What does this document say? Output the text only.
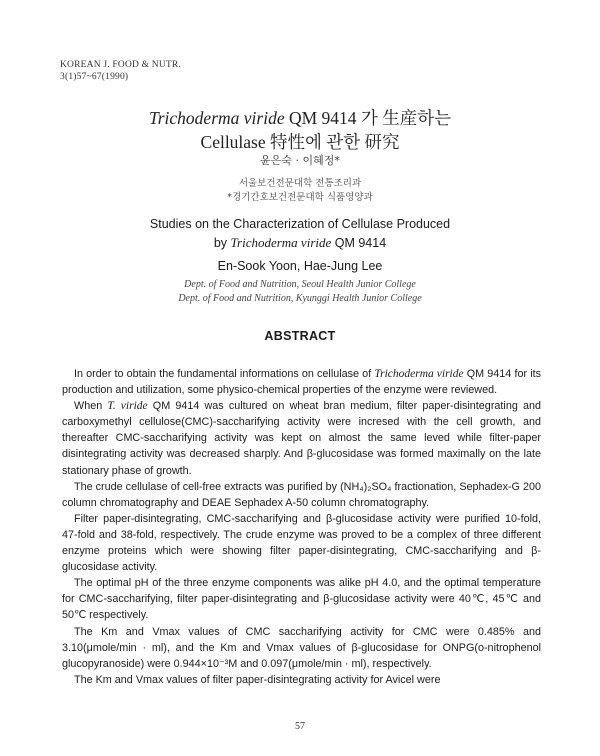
KOREAN J. FOOD & NUTR.
3(1)57~67(1990)
Trichoderma viride QM 9414 가 生産하는
Cellulase 特性에 관한 研究
윤은숙 · 이혜정*
서울보건전문대학 전통조리과
*경기간호보건전문대학 식품영양과
Studies on the Characterization of Cellulase Produced
by Trichoderma viride QM 9414
En-Sook Yoon, Hae-Jung Lee
Dept. of Food and Nutrition, Seoul Health Junior College
Dept. of Food and Nutrition, Kyunggi Health Junior College
ABSTRACT

In order to obtain the fundamental informations on cellulase of Trichoderma viride QM 9414 for its production and utilization, some physico-chemical properties of the enzyme were reviewed.

When T. viride QM 9414 was cultured on wheat bran medium, filter paper-disintegrating and carboxymethyl cellulose(CMC)-saccharifying activity were incresed with the cell growth, and thereafter CMC-saccharifying activity was kept on almost the same leved while filter-paper disintegrating activity was decreased sharply. And β-glucosidase was formed maximally on the late stationary phase of growth.

The crude cellulase of cell-free extracts was purified by (NH₄)₂SO₄ fractionation, Sephadex-G 200 column chromatography and DEAE Sephadex A-50 column chromatography.

Filter paper-disintegrating, CMC-saccharifying and β-glucosidase activity were purified 10-fold, 47-fold and 38-fold, respectively. The crude enzyme was proved to be a complex of three different enzyme proteins which were showing filter paper-disintegrating, CMC-saccharifying and β-glucosidase activity.

The optimal pH of the three enzyme components was alike pH 4.0, and the optimal temperature for CMC-saccharifying, filter paper-disintegrating and β-glucosidase activity were 40℃, 45℃ and 50℃ respectively.

The Km and Vmax values of CMC saccharifying activity for CMC were 0.485% and 3.10(μmole/min · ml), and the Km and Vmax values of β-glucosidase for ONPG(o-nitrophenol glucopyranoside) were 0.944×10⁻³M and 0.097(μmole/min · ml), respectively.

The Km and Vmax values of filter paper-disintegrating activity for Avicel were

57
